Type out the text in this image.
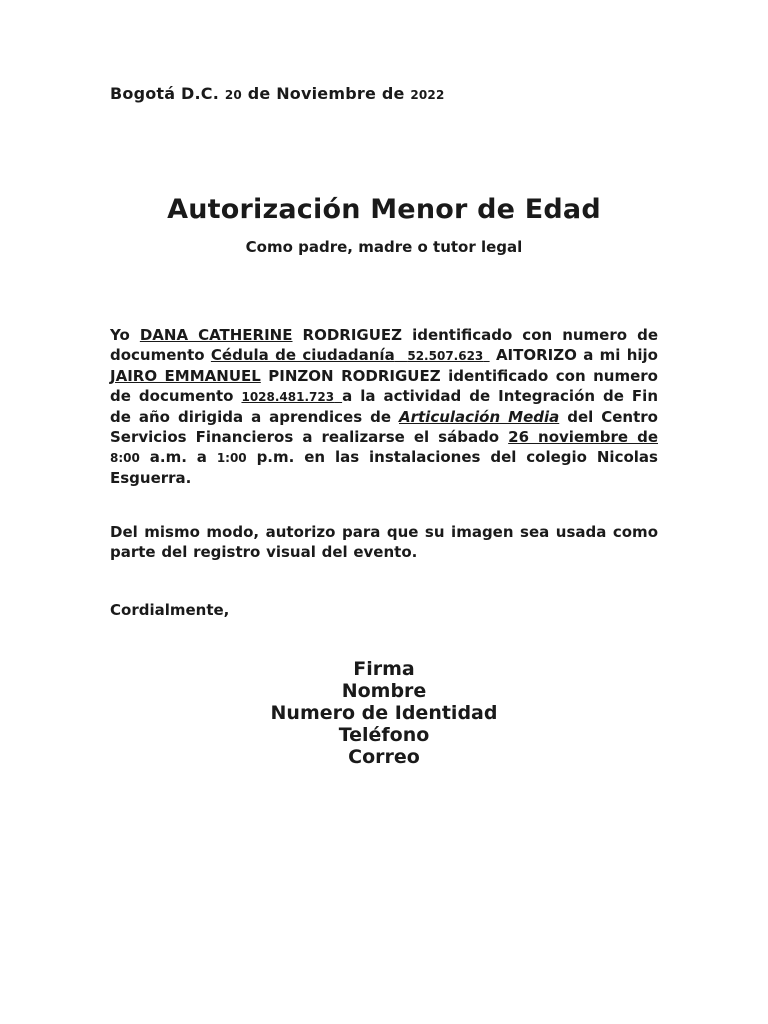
Bogotá D.C. 20 de Noviembre de 2022
Autorización Menor de Edad
Como padre, madre o tutor legal
Yo DANA CATHERINE RODRIGUEZ identificado con numero de documento Cédula de ciudadanía 52.507.623 AITORIZO a mi hijo JAIRO EMMANUEL PINZON RODRIGUEZ identificado con numero de documento 1028.481.723 a la actividad de Integración de Fin de año dirigida a aprendices de Articulación Media del Centro Servicios Financieros a realizarse el sábado 26 noviembre de 8:00 a.m. a 1:00 p.m. en las instalaciones del colegio Nicolas Esguerra.
Del mismo modo, autorizo para que su imagen sea usada como parte del registro visual del evento.
Cordialmente,
Firma
Nombre
Numero de Identidad
Teléfono
Correo
